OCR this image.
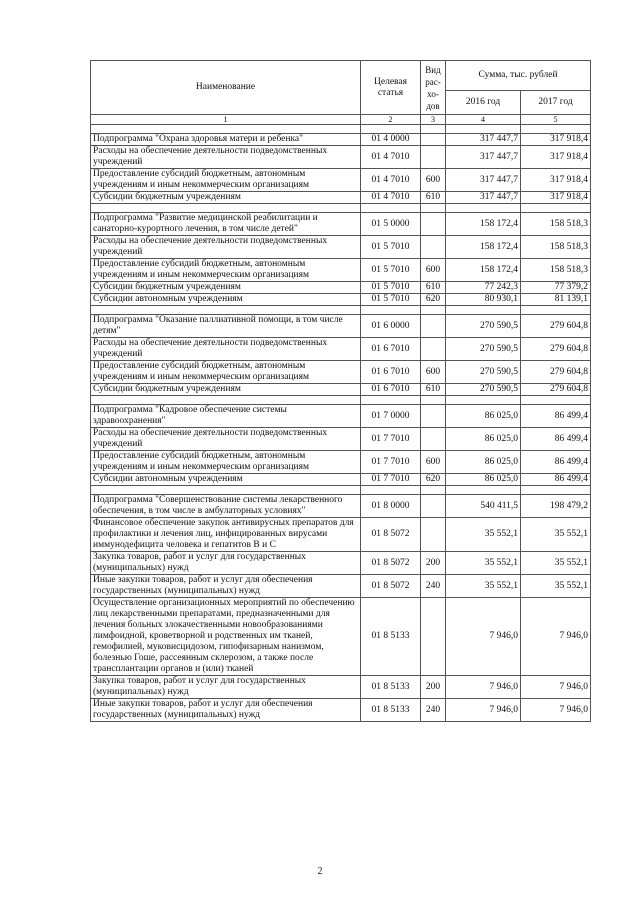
Наименование	Целевая статья	Вид рас-хо-дов	Сумма, тыс. рублей	
			2016 год	2017 год
1	2	3	4	5

Подпрограмма "Охрана здоровья матери и ребенка"	01 4 0000		317 447,7	317 918,4
Расходы на обеспечение деятельности подведомственных учреждений	01 4 7010		317 447,7	317 918,4
Предоставление субсидий бюджетным, автономным учреждениям и иным некоммерческим организациям	01 4 7010	600	317 447,7	317 918,4
Субсидии бюджетным учреждениям	01 4 7010	610	317 447,7	317 918,4

Подпрограмма "Развитие медицинской реабилитации и санаторно-курортного лечения, в том числе детей"	01 5 0000		158 172,4	158 518,3
Расходы на обеспечение деятельности подведомственных учреждений	01 5 7010		158 172,4	158 518,3
Предоставление субсидий бюджетным, автономным учреждениям и иным некоммерческим организациям	01 5 7010	600	158 172,4	158 518,3
Субсидии бюджетным учреждениям	01 5 7010	610	77 242,3	77 379,2
Субсидии автономным учреждениям	01 5 7010	620	80 930,1	81 139,1

Подпрограмма "Оказание паллиативной помощи, в том числе детям"	01 6 0000		270 590,5	279 604,8
Расходы на обеспечение деятельности подведомственных учреждений	01 6 7010		270 590,5	279 604,8
Предоставление субсидий бюджетным, автономным учреждениям и иным некоммерческим организациям	01 6 7010	600	270 590,5	279 604,8
Субсидии бюджетным учреждениям	01 6 7010	610	270 590,5	279 604,8

Подпрограмма "Кадровое обеспечение системы здравоохранения"	01 7 0000		86 025,0	86 499,4
Расходы на обеспечение деятельности подведомственных учреждений	01 7 7010		86 025,0	86 499,4
Предоставление субсидий бюджетным, автономным учреждениям и иным некоммерческим организациям	01 7 7010	600	86 025,0	86 499,4
Субсидии автономным учреждениям	01 7 7010	620	86 025,0	86 499,4

Подпрограмма "Совершенствование системы лекарственного обеспечения, в том числе в амбулаторных условиях"	01 8 0000		540 411,5	198 479,2
Финансовое обеспечение закупок антивирусных препаратов для профилактики и лечения лиц, инфицированных вирусами иммунодефицита человека и гепатитов В и С	01 8 5072		35 552,1	35 552,1
Закупка товаров, работ и услуг для государственных (муниципальных) нужд	01 8 5072	200	35 552,1	35 552,1
Иные закупки товаров, работ и услуг для обеспечения государственных (муниципальных) нужд	01 8 5072	240	35 552,1	35 552,1
Осуществление организационных мероприятий по обеспечению лиц лекарственными препаратами, предназначенными для лечения больных злокачественными новообразованиями лимфоидной, кроветворной и родственных им тканей, гемофилией, муковисцидозом, гипофизарным нанизмом, болезнью Гоше, рассеянным склерозом, а также после трансплантации органов и (или) тканей	01 8 5133		7 946,0	7 946,0
Закупка товаров, работ и услуг для государственных (муниципальных) нужд	01 8 5133	200	7 946,0	7 946,0
Иные закупки товаров, работ и услуг для обеспечения государственных (муниципальных) нужд	01 8 5133	240	7 946,0	7 946,0
2
